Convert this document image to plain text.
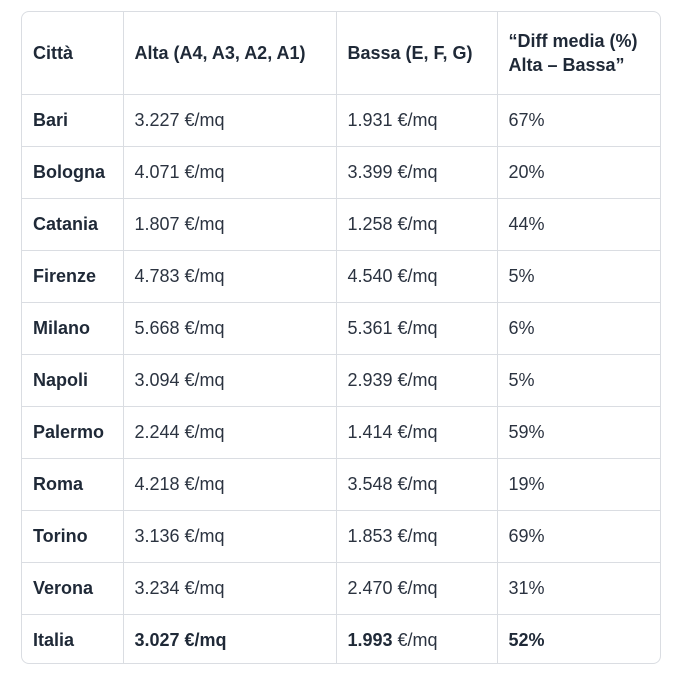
Città	Alta (A4, A3, A2, A1)	Bassa (E, F, G)	“Diff media (%) Alta – Bassa”
Bari	3.227 €/mq	1.931 €/mq	67%
Bologna	4.071 €/mq	3.399 €/mq	20%
Catania	1.807 €/mq	1.258 €/mq	44%
Firenze	4.783 €/mq	4.540 €/mq	5%
Milano	5.668 €/mq	5.361 €/mq	6%
Napoli	3.094 €/mq	2.939 €/mq	5%
Palermo	2.244 €/mq	1.414 €/mq	59%
Roma	4.218 €/mq	3.548 €/mq	19%
Torino	3.136 €/mq	1.853 €/mq	69%
Verona	3.234 €/mq	2.470 €/mq	31%
Italia	3.027 €/mq	1.993 €/mq	52%
